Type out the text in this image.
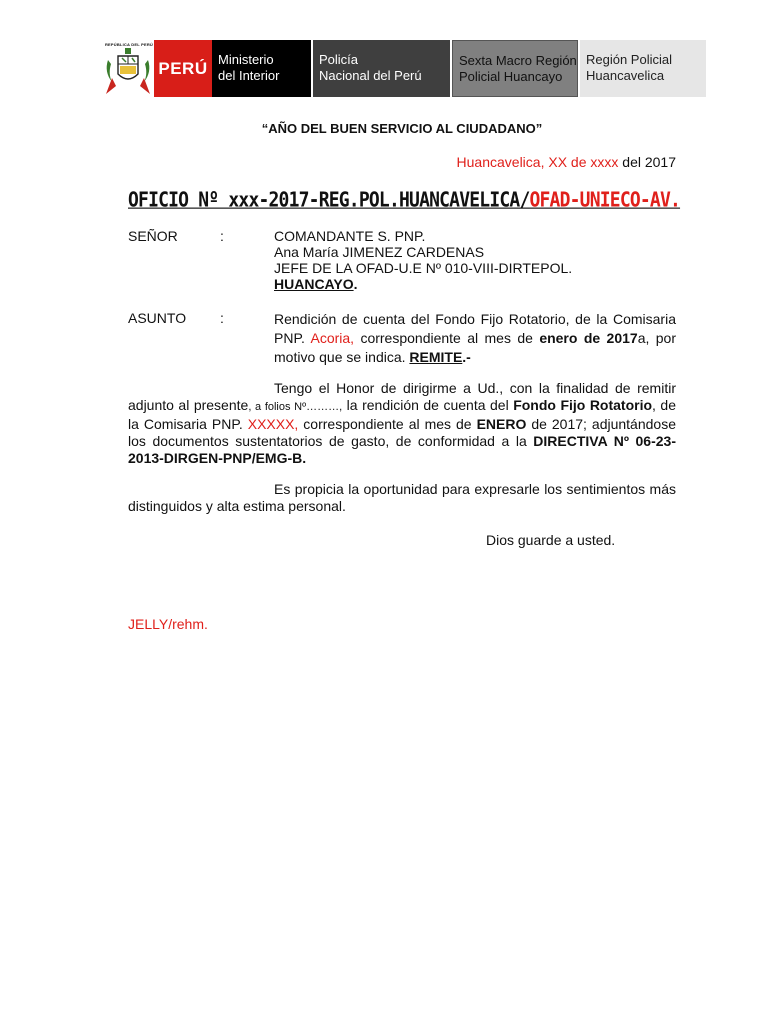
REPÚBLICA DEL PERÚ
PERÚ Ministerio
del Interior
Policía
Nacional del Perú
Sexta Macro Región
Policial Huancayo
Región Policial
Huancavelica
“AÑO DEL BUEN SERVICIO AL CIUDADANO”
Huancavelica, XX de xxxx del 2017
OFICIO Nº xxx-2017-REG.POL.HUANCAVELICA/OFAD-UNIECO-AV.
SEÑOR	:	COMANDANTE S. PNP.
Ana María JIMENEZ CARDENAS
JEFE DE LA OFAD-U.E Nº 010-VIII-DIRTEPOL.
HUANCAYO.
ASUNTO :	Rendición de cuenta del Fondo Fijo Rotatorio, de la Comisaria PNP. Acoria, correspondiente al mes de enero de 2017a, por motivo que se indica. REMITE.-
Tengo el Honor de dirigirme a Ud., con la finalidad de remitir adjunto al presente, a folios Nº………, la rendición de cuenta del Fondo Fijo Rotatorio, de la Comisaria PNP. XXXXX, correspondiente al mes de ENERO de 2017; adjuntándose los documentos sustentatorios de gasto, de conformidad a la DIRECTIVA Nº 06-23-2013-DIRGEN-PNP/EMG-B.
Es propicia la oportunidad para expresarle los sentimientos más distinguidos y alta estima personal.
Dios guarde a usted.
JELLY/rehm.
